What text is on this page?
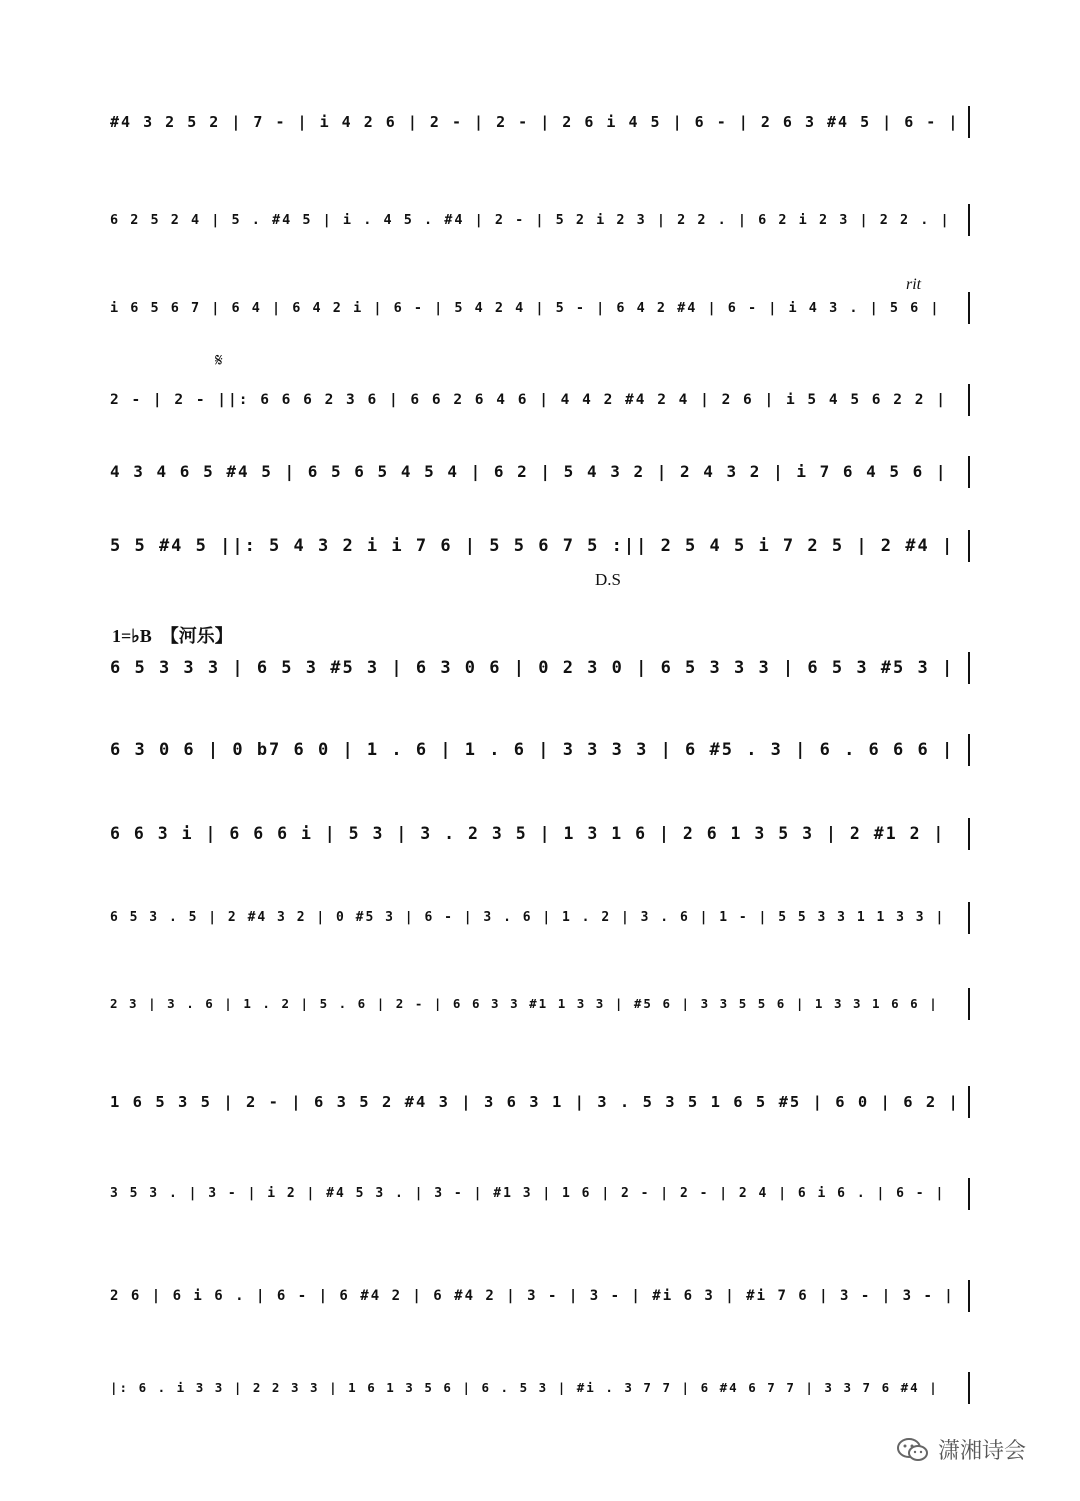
#4 3 2 5 2 | 7 - | i 4 2 6 | 2 - | 2 - | 2 6 i 4 5 | 6 - | 2 6 3 #4 5 | 6 - |
6 2 5 2 4 | 5 . #4 5 | i . 4 5 . #4 | 2 - | 5 2 i 2 3 | 2 2 . | 6 2 i 2 3 | 2 2 . |
i 6 5 6 7 | 6 4 | 6 4 2 i | 6 - | 5 4 2 4 | 5 - | 6 4 2 #4 | 6 - | i 4 3 . | 5 6 |
rit
𝄋
2 - | 2 - ||: 6 6 6 2 3 6 | 6 6 2 6 4 6 | 4 4 2 #4 2 4 | 2 6 | i 5 4 5 6 2 2 |
4 3 4 6 5 #4 5 | 6 5 6 5 4 5 4 | 6 2 | 5 4 3 2 | 2 4 3 2 | i 7 6 4 5 6 |
5 5 #4 5 ||: 5 4 3 2 i i 7 6 | 5 5 6 7 5 :|| 2 5 4 5 i 7 2 5 | 2 #4 |
D.S
1=♭B 【河乐】
6 5 3 3 3 | 6 5 3 #5 3 | 6 3 0 6 | 0 2 3 0 | 6 5 3 3 3 | 6 5 3 #5 3 |
6 3 0 6 | 0 b7 6 0 | 1 . 6 | 1 . 6 | 3 3 3 3 | 6 #5 . 3 | 6 . 6 6 6 |
6 6 3 i | 6 6 6 i | 5 3 | 3 . 2 3 5 | 1 3 1 6 | 2 6 1 3 5 3 | 2 #1 2 |
6 5 3 . 5 | 2 #4 3 2 | 0 #5 3 | 6 - | 3 . 6 | 1 . 2 | 3 . 6 | 1 - | 5 5 3 3 1 1 3 3 |
2 3 | 3 . 6 | 1 . 2 | 5 . 6 | 2 - | 6 6 3 3 #1 1 3 3 | #5 6 | 3 3 5 5 6 | 1 3 3 1 6 6 |
1 6 5 3 5 | 2 - | 6 3 5 2 #4 3 | 3 6 3 1 | 3 . 5 3 5 1 6 5 #5 | 6 0 | 6 2 |
3 5 3 . | 3 - | i 2 | #4 5 3 . | 3 - | #1 3 | 1 6 | 2 - | 2 - | 2 4 | 6 i 6 . | 6 - |
2 6 | 6 i 6 . | 6 - | 6 #4 2 | 6 #4 2 | 3 - | 3 - | #i 6 3 | #i 7 6 | 3 - | 3 - |
|: 6 . i 3 3 | 2 2 3 3 | 1 6 1 3 5 6 | 6 . 5 3 | #i . 3 7 7 | 6 #4 6 7 7 | 3 3 7 6 #4 |
潇湘诗会
